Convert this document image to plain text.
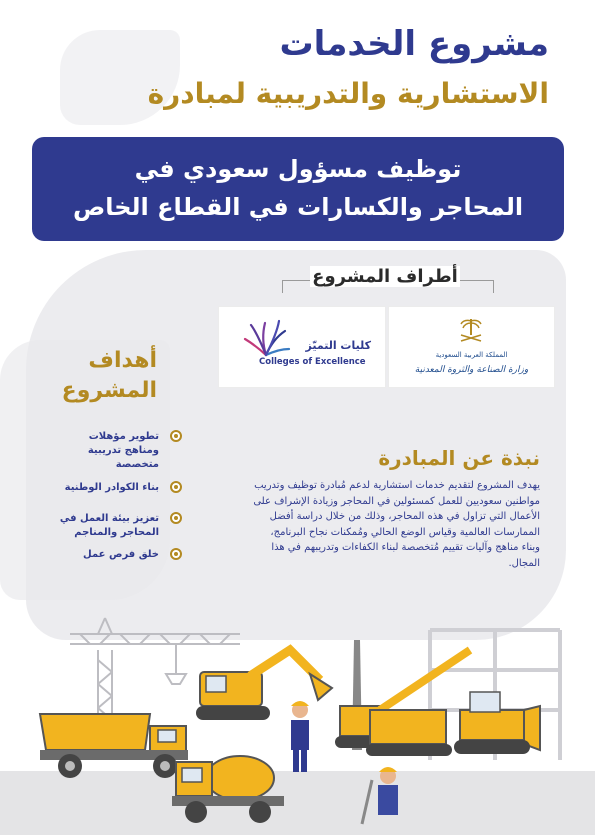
مشروع الخدمات
الاستشارية والتدريبية لمبادرة
توظيف مسؤول سعودي في
المحاجر والكسارات في القطاع الخاص
أطراف المشروع
المملكة العربية السعودية
وزارة الصناعة والثروة المعدنية
كليات التميّز
Colleges of Excellence
أهداف
المشروع
تطوير مؤهلات ومناهج تدريبية متخصصة
بناء الكوادر الوطنية
تعزيز بيئة العمل في المحاجر والمناجم
خلق فرص عمل
نبذة عن المبادرة
يهدف المشروع لتقديم خدمات استشارية لدعم مُبادرة توظيف وتدريب مواطنين سعوديين للعمل كمسئولين في المحاجر وزيادة الإشراف على الأعمال التي تزاول في هذه المحاجر، وذلك من خلال دراسة أفضل الممارسات العالمية وقياس الوضع الحالي ومُمكنات نجاح البرنامج، وبناء مناهج وآليات تقييم مُتخصصة لبناء الكفاءات وتدريبهم في هذا المجال.
